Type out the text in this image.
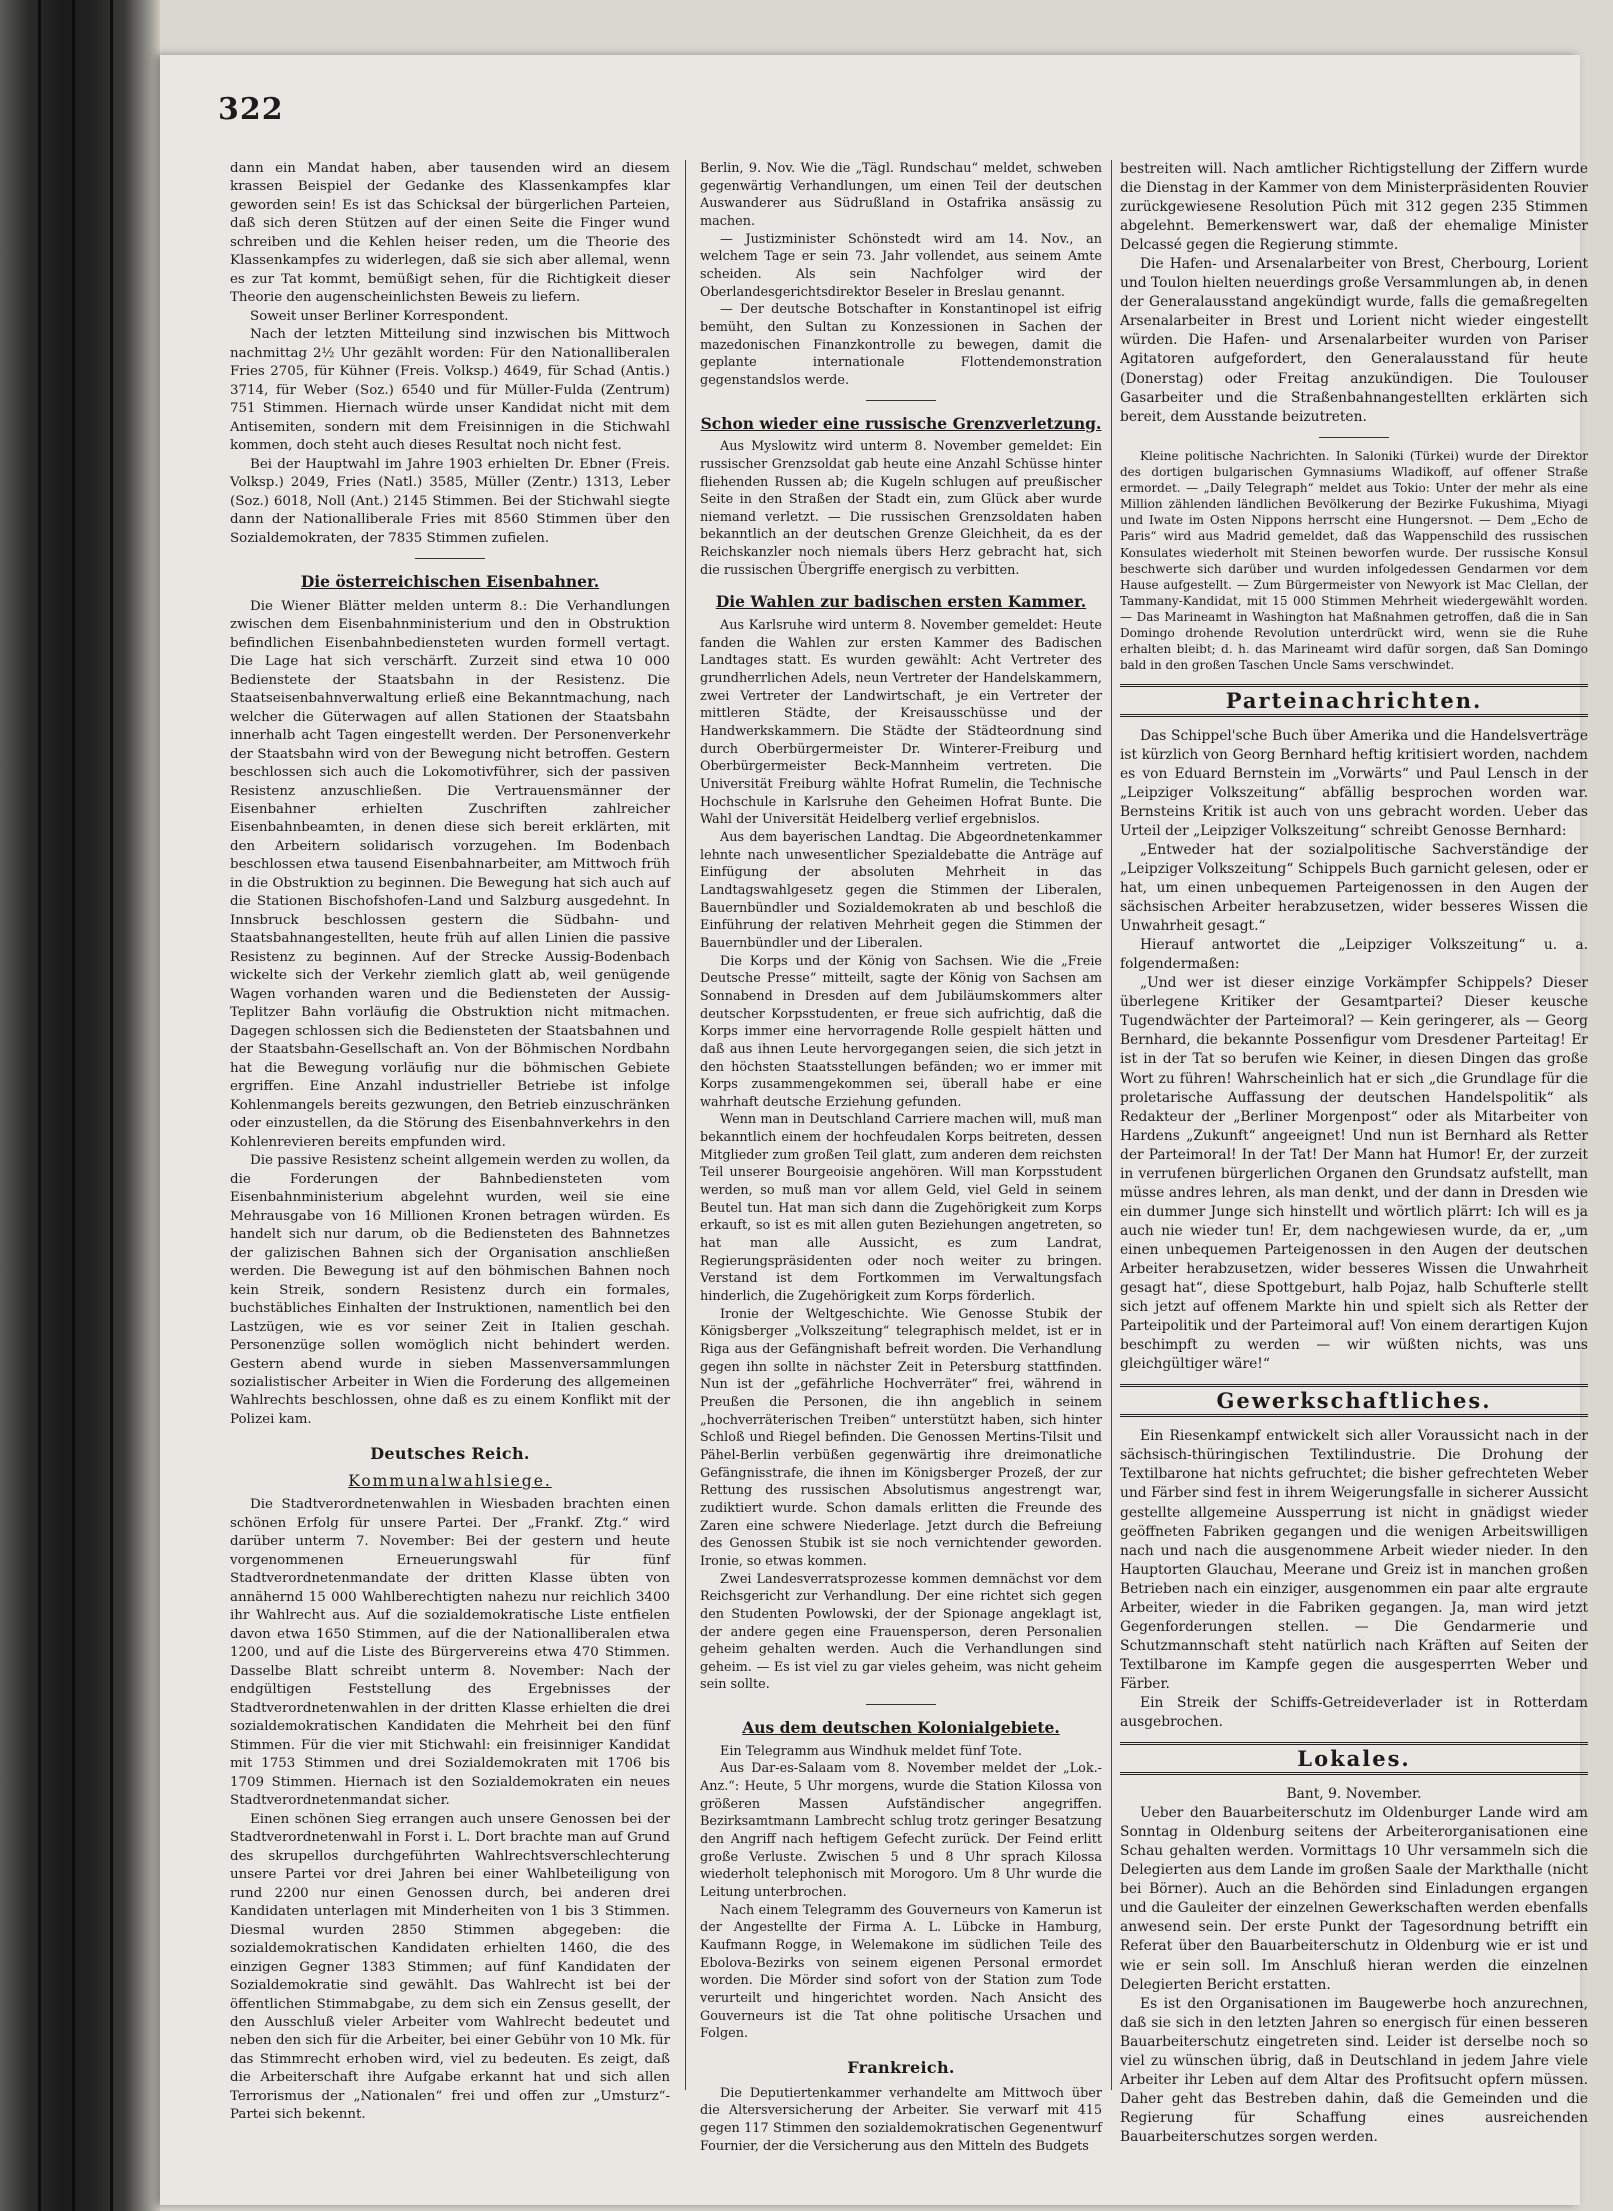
322

dann ein Mandat haben, aber tausenden wird an diesem krassen Beispiel der Gedanke des Klassenkampfes klar geworden sein! Es ist das Schicksal der bürgerlichen Parteien, daß sich deren Stützen auf der einen Seite die Finger wund schreiben und die Kehlen heiser reden, um die Theorie des Klassenkampfes zu widerlegen, daß sie sich aber allemal, wenn es zur Tat kommt, bemüßigt sehen, für die Richtigkeit dieser Theorie den augenscheinlichsten Beweis zu liefern.

Soweit unser Berliner Korrespondent.

Nach der letzten Mitteilung sind inzwischen bis Mittwoch nachmittag 2½ Uhr gezählt worden: Für den Nationalliberalen Fries 2705, für Kühner (Freis. Volksp.) 4649, für Schad (Antis.) 3714, für Weber (Soz.) 6540 und für Müller-Fulda (Zentrum) 751 Stimmen. Hiernach würde unser Kandidat nicht mit dem Antisemiten, sondern mit dem Freisinnigen in die Stichwahl kommen, doch steht auch dieses Resultat noch nicht fest.

Bei der Hauptwahl im Jahre 1903 erhielten Dr. Ebner (Freis. Volksp.) 2049, Fries (Natl.) 3585, Müller (Zentr.) 1313, Leber (Soz.) 6018, Noll (Ant.) 2145 Stimmen. Bei der Stichwahl siegte dann der Nationalliberale Fries mit 8560 Stimmen über den Sozialdemokraten, der 7835 Stimmen zufielen.

Die österreichischen Eisenbahner.

Die Wiener Blätter melden unterm 8.: Die Verhandlungen zwischen dem Eisenbahnministerium und den in Obstruktion befindlichen Eisenbahnbediensteten wurden formell vertagt. Die Lage hat sich verschärft. Zurzeit sind etwa 10 000 Bedienstete der Staatsbahn in der Resistenz. Die Staatseisenbahnverwaltung erließ eine Bekanntmachung, nach welcher die Güterwagen auf allen Stationen der Staatsbahn innerhalb acht Tagen eingestellt werden. Der Personenverkehr der Staatsbahn wird von der Bewegung nicht betroffen. Gestern beschlossen sich auch die Lokomotivführer, sich der passiven Resistenz anzuschließen. Die Vertrauensmänner der Eisenbahner erhielten Zuschriften zahlreicher Eisenbahnbeamten, in denen diese sich bereit erklärten, mit den Arbeitern solidarisch vorzugehen. Im Bodenbach beschlossen etwa tausend Eisenbahnarbeiter, am Mittwoch früh in die Obstruktion zu beginnen. Die Bewegung hat sich auch auf die Stationen Bischofshofen-Land und Salzburg ausgedehnt. In Innsbruck beschlossen gestern die Südbahn- und Staatsbahnangestellten, heute früh auf allen Linien die passive Resistenz zu beginnen. Auf der Strecke Aussig-Bodenbach wickelte sich der Verkehr ziemlich glatt ab, weil genügende Wagen vorhanden waren und die Bediensteten der Aussig-Teplitzer Bahn vorläufig die Obstruktion nicht mitmachen. Dagegen schlossen sich die Bediensteten der Staatsbahnen und der Staatsbahn-Gesellschaft an. Von der Böhmischen Nordbahn hat die Bewegung vorläufig nur die böhmischen Gebiete ergriffen. Eine Anzahl industrieller Betriebe ist infolge Kohlenmangels bereits gezwungen, den Betrieb einzuschränken oder einzustellen, da die Störung des Eisenbahnverkehrs in den Kohlenrevieren bereits empfunden wird.

Die passive Resistenz scheint allgemein werden zu wollen, da die Forderungen der Bahnbediensteten vom Eisenbahnministerium abgelehnt wurden, weil sie eine Mehrausgabe von 16 Millionen Kronen betragen würden. Es handelt sich nur darum, ob die Bediensteten des Bahnnetzes der galizischen Bahnen sich der Organisation anschließen werden. Die Bewegung ist auf den böhmischen Bahnen noch kein Streik, sondern Resistenz durch ein formales, buchstäbliches Einhalten der Instruktionen, namentlich bei den Lastzügen, wie es vor seiner Zeit in Italien geschah. Personenzüge sollen womöglich nicht behindert werden. Gestern abend wurde in sieben Massenversammlungen sozialistischer Arbeiter in Wien die Forderung des allgemeinen Wahlrechts beschlossen, ohne daß es zu einem Konflikt mit der Polizei kam.

Deutsches Reich.
Kommunalwahlsiege.

Die Stadtverordnetenwahlen in Wiesbaden brachten einen schönen Erfolg für unsere Partei. Der „Frankf. Ztg.“ wird darüber unterm 7. November: Bei der gestern und heute vorgenommenen Erneuerungswahl für fünf Stadtverordnetenmandate der dritten Klasse übten von annähernd 15 000 Wahlberechtigten nahezu nur reichlich 3400 ihr Wahlrecht aus. Auf die sozialdemokratische Liste entfielen davon etwa 1650 Stimmen, auf die der Nationalliberalen etwa 1200, und auf die Liste des Bürgervereins etwa 470 Stimmen. Dasselbe Blatt schreibt unterm 8. November: Nach der endgültigen Feststellung des Ergebnisses der Stadtverordnetenwahlen in der dritten Klasse erhielten die drei sozialdemokratischen Kandidaten die Mehrheit bei den fünf Stimmen. Für die vier mit Stichwahl: ein freisinniger Kandidat mit 1753 Stimmen und drei Sozialdemokraten mit 1706 bis 1709 Stimmen. Hiernach ist den Sozialdemokraten ein neues Stadtverordnetenmandat sicher.

Einen schönen Sieg errangen auch unsere Genossen bei der Stadtverordnetenwahl in Forst i. L. Dort brachte man auf Grund des skrupellos durchgeführten Wahlrechtsverschlechterung unsere Partei vor drei Jahren bei einer Wahlbeteiligung von rund 2200 nur einen Genossen durch, bei anderen drei Kandidaten unterlagen mit Minderheiten von 1 bis 3 Stimmen. Diesmal wurden 2850 Stimmen abgegeben: die sozialdemokratischen Kandidaten erhielten 1460, die des einzigen Gegner 1383 Stimmen; auf fünf Kandidaten der Sozialdemokratie sind gewählt. Das Wahlrecht ist bei der öffentlichen Stimmabgabe, zu dem sich ein Zensus gesellt, der den Ausschluß vieler Arbeiter vom Wahlrecht bedeutet und neben den sich für die Arbeiter, bei einer Gebühr von 10 Mk. für das Stimmrecht erhoben wird, viel zu bedeuten. Es zeigt, daß die Arbeiterschaft ihre Aufgabe erkannt hat und sich allen Terrorismus der „Nationalen“ frei und offen zur „Umsturz“-Partei sich bekennt.

Berlin, 9. Nov. Wie die „Tägl. Rundschau“ meldet, schweben gegenwärtig Verhandlungen, um einen Teil der deutschen Auswanderer aus Südrußland in Ostafrika ansässig zu machen.

— Justizminister Schönstedt wird am 14. Nov., an welchem Tage er sein 73. Jahr vollendet, aus seinem Amte scheiden. Als sein Nachfolger wird der Oberlandesgerichtsdirektor Beseler in Breslau genannt.

— Der deutsche Botschafter in Konstantinopel ist eifrig bemüht, den Sultan zu Konzessionen in Sachen der mazedonischen Finanzkontrolle zu bewegen, damit die geplante internationale Flottendemonstration gegenstandslos werde.

Schon wieder eine russische Grenzverletzung.

Aus Myslowitz wird unterm 8. November gemeldet: Ein russischer Grenzsoldat gab heute eine Anzahl Schüsse hinter fliehenden Russen ab; die Kugeln schlugen auf preußischer Seite in den Straßen der Stadt ein, zum Glück aber wurde niemand verletzt. — Die russischen Grenzsoldaten haben bekanntlich an der deutschen Grenze Gleichheit, da es der Reichskanzler noch niemals übers Herz gebracht hat, sich die russischen Übergriffe energisch zu verbitten.

Die Wahlen zur badischen ersten Kammer.

Aus Karlsruhe wird unterm 8. November gemeldet: Heute fanden die Wahlen zur ersten Kammer des Badischen Landtages statt. Es wurden gewählt: Acht Vertreter des grundherrlichen Adels, neun Vertreter der Handelskammern, zwei Vertreter der Landwirtschaft, je ein Vertreter der mittleren Städte, der Kreisausschüsse und der Handwerkskammern. Die Städte der Städteordnung sind durch Oberbürgermeister Dr. Winterer-Freiburg und Oberbürgermeister Beck-Mannheim vertreten. Die Universität Freiburg wählte Hofrat Rumelin, die Technische Hochschule in Karlsruhe den Geheimen Hofrat Bunte. Die Wahl der Universität Heidelberg verlief ergebnislos.

Aus dem bayerischen Landtag. Die Abgeordnetenkammer lehnte nach unwesentlicher Spezialdebatte die Anträge auf Einfügung der absoluten Mehrheit in das Landtagswahlgesetz gegen die Stimmen der Liberalen, Bauernbündler und Sozialdemokraten ab und beschloß die Einführung der relativen Mehrheit gegen die Stimmen der Bauernbündler und der Liberalen.

Die Korps und der König von Sachsen. Wie die „Freie Deutsche Presse“ mitteilt, sagte der König von Sachsen am Sonnabend in Dresden auf dem Jubiläumskommers alter deutscher Korpsstudenten, er freue sich aufrichtig, daß die Korps immer eine hervorragende Rolle gespielt hätten und daß aus ihnen Leute hervorgegangen seien, die sich jetzt in den höchsten Staatsstellungen befänden; wo er immer mit Korps zusammengekommen sei, überall habe er eine wahrhaft deutsche Erziehung gefunden.

Wenn man in Deutschland Carriere machen will, muß man bekanntlich einem der hochfeudalen Korps beitreten, dessen Mitglieder zum großen Teil glatt, zum anderen dem reichsten Teil unserer Bourgeoisie angehören. Will man Korpsstudent werden, so muß man vor allem Geld, viel Geld in seinem Beutel tun. Hat man sich dann die Zugehörigkeit zum Korps erkauft, so ist es mit allen guten Beziehungen angetreten, so hat man alle Aussicht, es zum Landrat, Regierungspräsidenten oder noch weiter zu bringen. Verstand ist dem Fortkommen im Verwaltungsfach hinderlich, die Zugehörigkeit zum Korps förderlich.

Ironie der Weltgeschichte. Wie Genosse Stubik der Königsberger „Volkszeitung“ telegraphisch meldet, ist er in Riga aus der Gefängnishaft befreit worden. Die Verhandlung gegen ihn sollte in nächster Zeit in Petersburg stattfinden. Nun ist der „gefährliche Hochverräter“ frei, während in Preußen die Personen, die ihn angeblich in seinem „hochverräterischen Treiben“ unterstützt haben, sich hinter Schloß und Riegel befinden. Die Genossen Mertins-Tilsit und Pähel-Berlin verbüßen gegenwärtig ihre dreimonatliche Gefängnisstrafe, die ihnen im Königsberger Prozeß, der zur Rettung des russischen Absolutismus angestrengt war, zudiktiert wurde. Schon damals erlitten die Freunde des Zaren eine schwere Niederlage. Jetzt durch die Befreiung des Genossen Stubik ist sie noch vernichtender geworden. Ironie, so etwas kommen.

Zwei Landesverratsprozesse kommen demnächst vor dem Reichsgericht zur Verhandlung. Der eine richtet sich gegen den Studenten Powlowski, der der Spionage angeklagt ist, der andere gegen eine Frauensperson, deren Personalien geheim gehalten werden. Auch die Verhandlungen sind geheim. — Es ist viel zu gar vieles geheim, was nicht geheim sein sollte.

Aus dem deutschen Kolonialgebiete.

Ein Telegramm aus Windhuk meldet fünf Tote.

Aus Dar-es-Salaam vom 8. November meldet der „Lok.-Anz.“: Heute, 5 Uhr morgens, wurde die Station Kilossa von größeren Massen Aufständischer angegriffen. Bezirksamtmann Lambrecht schlug trotz geringer Besatzung den Angriff nach heftigem Gefecht zurück. Der Feind erlitt große Verluste. Zwischen 5 und 8 Uhr sprach Kilossa wiederholt telephonisch mit Morogoro. Um 8 Uhr wurde die Leitung unterbrochen.

Nach einem Telegramm des Gouverneurs von Kamerun ist der Angestellte der Firma A. L. Lübcke in Hamburg, Kaufmann Rogge, in Welemakone im südlichen Teile des Ebolova-Bezirks von seinem eigenen Personal ermordet worden. Die Mörder sind sofort von der Station zum Tode verurteilt und hingerichtet worden. Nach Ansicht des Gouverneurs ist die Tat ohne politische Ursachen und Folgen.

Frankreich.

Die Deputiertenkammer verhandelte am Mittwoch über die Altersversicherung der Arbeiter. Sie verwarf mit 415 gegen 117 Stimmen den sozialdemokratischen Gegenentwurf Fournier, der die Versicherung aus den Mitteln des Budgets

bestreiten will. Nach amtlicher Richtigstellung der Ziffern wurde die Dienstag in der Kammer von dem Ministerpräsidenten Rouvier zurückgewiesene Resolution Püch mit 312 gegen 235 Stimmen abgelehnt. Bemerkenswert war, daß der ehemalige Minister Delcassé gegen die Regierung stimmte.

Die Hafen- und Arsenalarbeiter von Brest, Cherbourg, Lorient und Toulon hielten neuerdings große Versammlungen ab, in denen der Generalausstand angekündigt wurde, falls die gemaßregelten Arsenalarbeiter in Brest und Lorient nicht wieder eingestellt würden. Die Hafen- und Arsenalarbeiter wurden von Pariser Agitatoren aufgefordert, den Generalausstand für heute (Donerstag) oder Freitag anzukündigen. Die Toulouser Gasarbeiter und die Straßenbahnangestellten erklärten sich bereit, dem Ausstande beizutreten.

Kleine politische Nachrichten. In Saloniki (Türkei) wurde der Direktor des dortigen bulgarischen Gymnasiums Wladikoff, auf offener Straße ermordet. — „Daily Telegraph“ meldet aus Tokio: Unter der mehr als eine Million zählenden ländlichen Bevölkerung der Bezirke Fukushima, Miyagi und Iwate im Osten Nippons herrscht eine Hungersnot. — Dem „Echo de Paris“ wird aus Madrid gemeldet, daß das Wappenschild des russischen Konsulates wiederholt mit Steinen beworfen wurde. Der russische Konsul beschwerte sich darüber und wurden infolgedessen Gendarmen vor dem Hause aufgestellt. — Zum Bürgermeister von Newyork ist Mac Clellan, der Tammany-Kandidat, mit 15 000 Stimmen Mehrheit wiedergewählt worden. — Das Marineamt in Washington hat Maßnahmen getroffen, daß die in San Domingo drohende Revolution unterdrückt wird, wenn sie die Ruhe erhalten bleibt; d. h. das Marineamt wird dafür sorgen, daß San Domingo bald in den großen Taschen Uncle Sams verschwindet.

Parteinachrichten.

Das Schippel'sche Buch über Amerika und die Handelsverträge ist kürzlich von Georg Bernhard heftig kritisiert worden, nachdem es von Eduard Bernstein im „Vorwärts“ und Paul Lensch in der „Leipziger Volkszeitung“ abfällig besprochen worden war. Bernsteins Kritik ist auch von uns gebracht worden. Ueber das Urteil der „Leipziger Volkszeitung“ schreibt Genosse Bernhard:

„Entweder hat der sozialpolitische Sachverständige der „Leipziger Volkszeitung“ Schippels Buch garnicht gelesen, oder er hat, um einen unbequemen Parteigenossen in den Augen der sächsischen Arbeiter herabzusetzen, wider besseres Wissen die Unwahrheit gesagt.“

Hierauf antwortet die „Leipziger Volkszeitung“ u. a. folgendermaßen:

„Und wer ist dieser einzige Vorkämpfer Schippels? Dieser überlegene Kritiker der Gesamtpartei? Dieser keusche Tugendwächter der Parteimoral? — Kein geringerer, als — Georg Bernhard, die bekannte Possenfigur vom Dresdener Parteitag! Er ist in der Tat so berufen wie Keiner, in diesen Dingen das große Wort zu führen! Wahrscheinlich hat er sich „die Grundlage für die proletarische Auffassung der deutschen Handelspolitik“ als Redakteur der „Berliner Morgenpost“ oder als Mitarbeiter von Hardens „Zukunft“ angeeignet! Und nun ist Bernhard als Retter der Parteimoral! In der Tat! Der Mann hat Humor! Er, der zurzeit in verrufenen bürgerlichen Organen den Grundsatz aufstellt, man müsse andres lehren, als man denkt, und der dann in Dresden wie ein dummer Junge sich hinstellt und wörtlich plärrt: Ich will es ja auch nie wieder tun! Er, dem nachgewiesen wurde, da er, „um einen unbequemen Parteigenossen in den Augen der deutschen Arbeiter herabzusetzen, wider besseres Wissen die Unwahrheit gesagt hat“, diese Spottgeburt, halb Pojaz, halb Schufterle stellt sich jetzt auf offenem Markte hin und spielt sich als Retter der Parteipolitik und der Parteimoral auf! Von einem derartigen Kujon beschimpft zu werden — wir wüßten nichts, was uns gleichgültiger wäre!“

Gewerkschaftliches.

Ein Riesenkampf entwickelt sich aller Voraussicht nach in der sächsisch-thüringischen Textilindustrie. Die Drohung der Textilbarone hat nichts gefruchtet; die bisher gefrechteten Weber und Färber sind fest in ihrem Weigerungsfalle in sicherer Aussicht gestellte allgemeine Aussperrung ist nicht in gnädigst wieder geöffneten Fabriken gegangen und die wenigen Arbeitswilligen nach und nach die ausgenommene Arbeit wieder nieder. In den Hauptorten Glauchau, Meerane und Greiz ist in manchen großen Betrieben nach ein einziger, ausgenommen ein paar alte ergraute Arbeiter, wieder in die Fabriken gegangen. Ja, man wird jetzt Gegenforderungen stellen. — Die Gendarmerie und Schutzmannschaft steht natürlich nach Kräften auf Seiten der Textilbarone im Kampfe gegen die ausgesperrten Weber und Färber.

Ein Streik der Schiffs-Getreideverlader ist in Rotterdam ausgebrochen.

Lokales.

Bant, 9. November.

Ueber den Bauarbeiterschutz im Oldenburger Lande wird am Sonntag in Oldenburg seitens der Arbeiterorganisationen eine Schau gehalten werden. Vormittags 10 Uhr versammeln sich die Delegierten aus dem Lande im großen Saale der Markthalle (nicht bei Börner). Auch an die Behörden sind Einladungen ergangen und die Gauleiter der einzelnen Gewerkschaften werden ebenfalls anwesend sein. Der erste Punkt der Tagesordnung betrifft ein Referat über den Bauarbeiterschutz in Oldenburg wie er ist und wie er sein soll. Im Anschluß hieran werden die einzelnen Delegierten Bericht erstatten.

Es ist den Organisationen im Baugewerbe hoch anzurechnen, daß sie sich in den letzten Jahren so energisch für einen besseren Bauarbeiterschutz eingetreten sind. Leider ist derselbe noch so viel zu wünschen übrig, daß in Deutschland in jedem Jahre viele Arbeiter ihr Leben auf dem Altar des Profitsucht opfern müssen. Daher geht das Bestreben dahin, daß die Gemeinden und die Regierung für Schaffung eines ausreichenden Bauarbeiterschutzes sorgen werden.
